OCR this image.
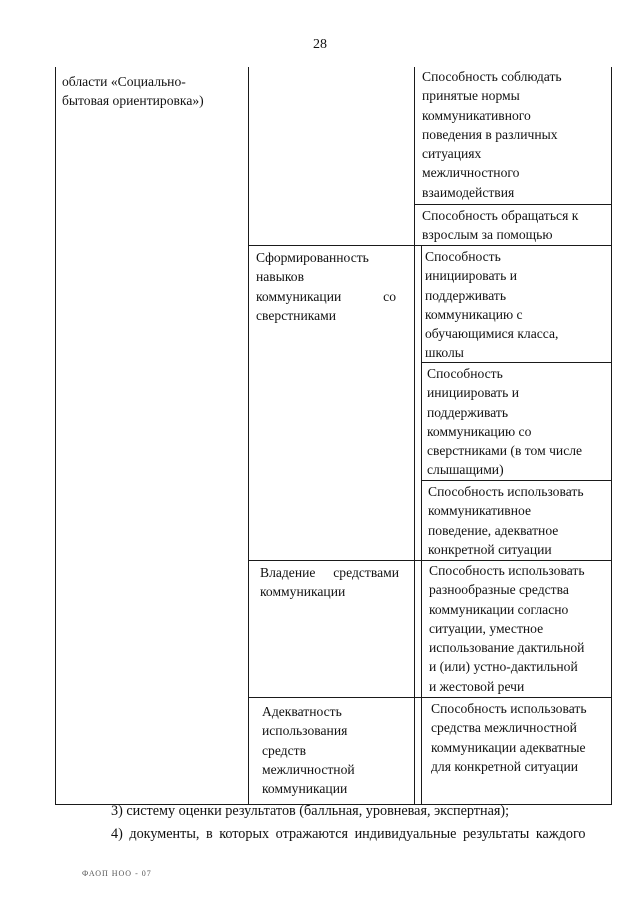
28
области «Социально-
бытовая ориентировка»)
Сформированность
навыков
коммуникации	со
сверстниками
Владение средствами
коммуникации
Адекватность
использования
средств
межличностной
коммуникации
Способность соблюдать
принятые нормы
коммуникативного
поведения в различных
ситуациях
межличностного
взаимодействия
Способность обращаться к
взрослым за помощью
Способность
инициировать и
поддерживать
коммуникацию с
обучающимися класса,
школы
Способность
инициировать и
поддерживать
коммуникацию со
сверстниками (в том числе
слышащими)
Способность использовать
коммуникативное
поведение, адекватное
конкретной ситуации
Способность использовать
разнообразные средства
коммуникации согласно
ситуации, уместное
использование дактильной
и (или) устно-дактильной
и жестовой речи
Способность использовать
средства межличностной
коммуникации адекватные
для конкретной ситуации
3) систему оценки результатов (балльная, уровневая, экспертная);
4) документы, в которых отражаются индивидуальные результаты каждого
ФАОП НОО - 07
